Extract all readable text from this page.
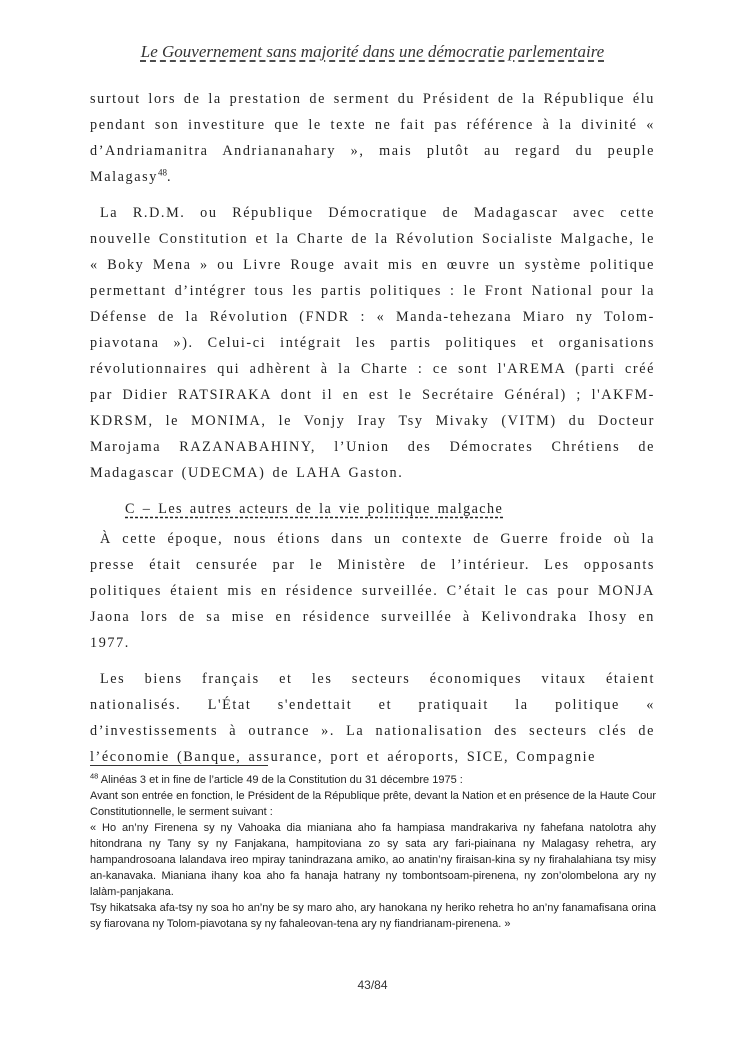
Le Gouvernement sans majorité dans une démocratie parlementaire

surtout lors de la prestation de serment du Président de la République élu pendant son investiture que le texte ne fait pas référence à la divinité « d’Andriamanitra Andriananahary », mais plutôt au regard du peuple Malagasy$^{48}$.

La R.D.M. ou République Démocratique de Madagascar avec cette nouvelle Constitution et la Charte de la Révolution Socialiste Malgache, le « Boky Mena » ou Livre Rouge avait mis en œuvre un système politique permettant d’intégrer tous les partis politiques : le Front National pour la Défense de la Révolution (FNDR : « Manda-tehezana Miaro ny Tolom-piavotana »). Celui-ci intégrait les partis politiques et organisations révolutionnaires qui adhèrent à la Charte : ce sont l'AREMA (parti créé par Didier RATSIRAKA dont il en est le Secrétaire Général) ; l'AKFM-KDRSM, le MONIMA, le Vonjy Iray Tsy Mivaky (VITM) du Docteur Marojama RAZANABAHINY, l’Union des Démocrates Chrétiens de Madagascar (UDECMA) de LAHA Gaston.

C – Les autres acteurs de la vie politique malgache

À cette époque, nous étions dans un contexte de Guerre froide où la presse était censurée par le Ministère de l’intérieur. Les opposants politiques étaient mis en résidence surveillée. C’était le cas pour MONJA Jaona lors de sa mise en résidence surveillée à Kelivondraka Ihosy en 1977.

Les biens français et les secteurs économiques vitaux étaient nationalisés. L'État s'endettait et pratiquait la politique « d’investissements à outrance ». La nationalisation des secteurs clés de l’économie (Banque, assurance, port et aéroports, SICE, Compagnie

$^{48}$ Alinéas 3 et in fine de l’article 49 de la Constitution du 31 décembre 1975 :

Avant son entrée en fonction, le Président de la République prête, devant la Nation et en présence de la Haute Cour Constitutionnelle, le serment suivant :

« Ho an’ny Firenena sy ny Vahoaka dia mianiana aho fa hampiasa mandrakariva ny fahefana natolotra ahy hitondrana ny Tany sy ny Fanjakana, hampitoviana zo sy sata ary fari-piainana ny Malagasy rehetra, ary hampandrosoana lalandava ireo mpiray tanindrazana amiko, ao anatin’ny firaisan-kina sy ny firahalahiana tsy misy an-kanavaka. Mianiana ihany koa aho fa hanaja hatrany ny tombontsoam-pirenena, ny zon’olombelona ary ny lalàm-panjakana.

Tsy hikatsaka afa-tsy ny soa ho an’ny be sy maro aho, ary hanokana ny heriko rehetra ho an’ny fanamafisana orina sy fiarovana ny Tolom-piavotana sy ny fahaleovan-tena ary ny fiandrianam-pirenena. »

43/84
